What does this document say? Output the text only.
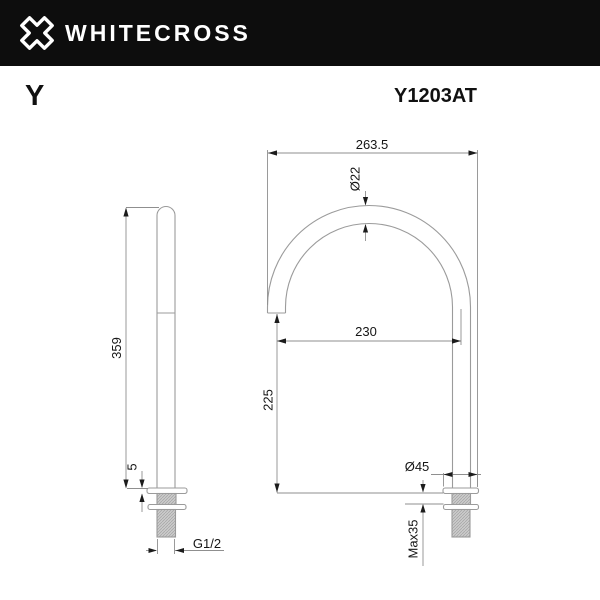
WHITECROSS
Y	Y1203AT
359
5
G1/2
263.5
Ø22
230
225
Ø45
Max35
